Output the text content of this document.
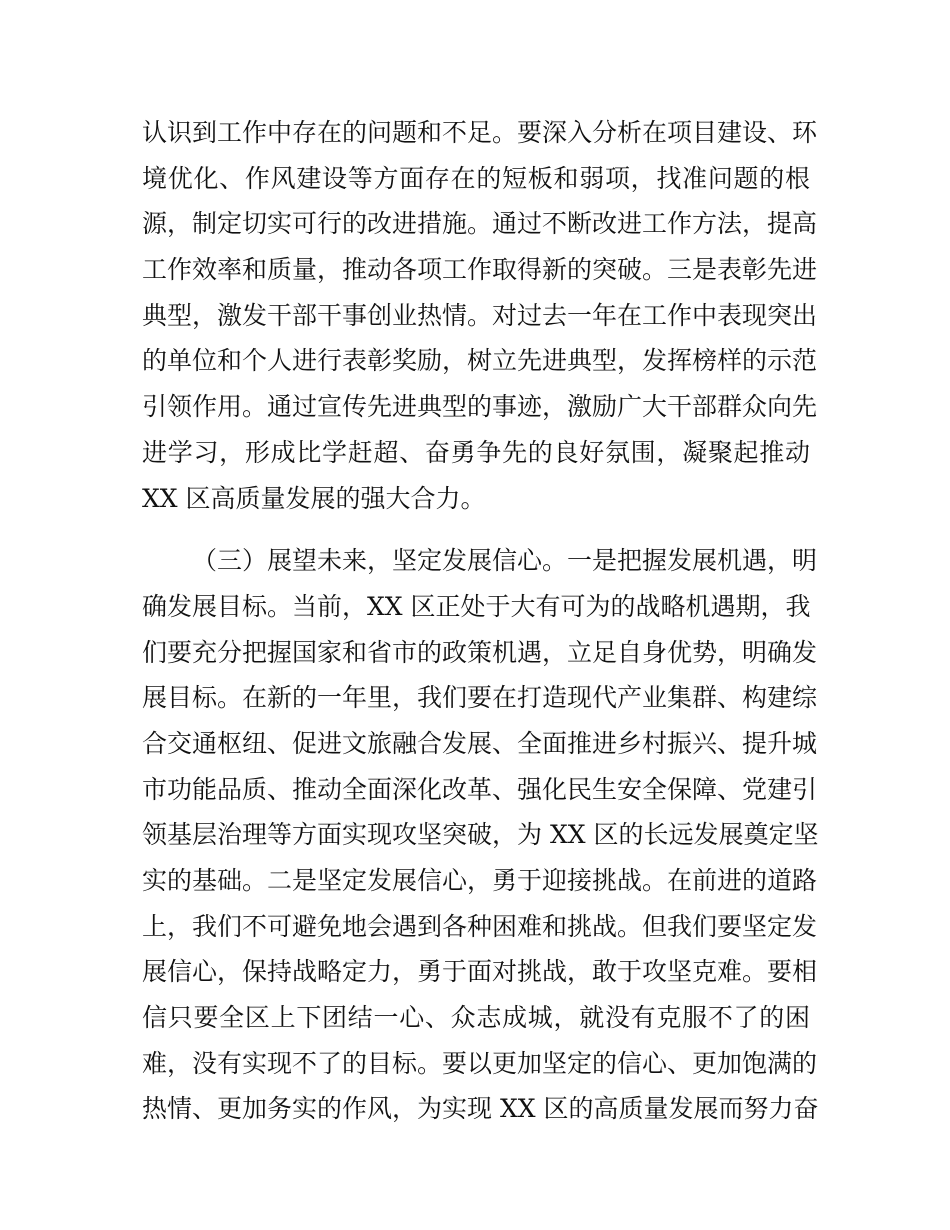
认识到工作中存在的问题和不足。要深入分析在项目建设、环
境优化、作风建设等方面存在的短板和弱项，找准问题的根
源，制定切实可行的改进措施。通过不断改进工作方法，提高
工作效率和质量，推动各项工作取得新的突破。三是表彰先进
典型，激发干部干事创业热情。对过去一年在工作中表现突出
的单位和个人进行表彰奖励，树立先进典型，发挥榜样的示范
引领作用。通过宣传先进典型的事迹，激励广大干部群众向先
进学习，形成比学赶超、奋勇争先的良好氛围，凝聚起推动
XX 区高质量发展的强大合力。
（三）展望未来，坚定发展信心。一是把握发展机遇，明
确发展目标。当前，XX 区正处于大有可为的战略机遇期，我
们要充分把握国家和省市的政策机遇，立足自身优势，明确发
展目标。在新的一年里，我们要在打造现代产业集群、构建综
合交通枢纽、促进文旅融合发展、全面推进乡村振兴、提升城
市功能品质、推动全面深化改革、强化民生安全保障、党建引
领基层治理等方面实现攻坚突破，为 XX 区的长远发展奠定坚
实的基础。二是坚定发展信心，勇于迎接挑战。在前进的道路
上，我们不可避免地会遇到各种困难和挑战。但我们要坚定发
展信心，保持战略定力，勇于面对挑战，敢于攻坚克难。要相
信只要全区上下团结一心、众志成城，就没有克服不了的困
难，没有实现不了的目标。要以更加坚定的信心、更加饱满的
热情、更加务实的作风，为实现 XX 区的高质量发展而努力奋
